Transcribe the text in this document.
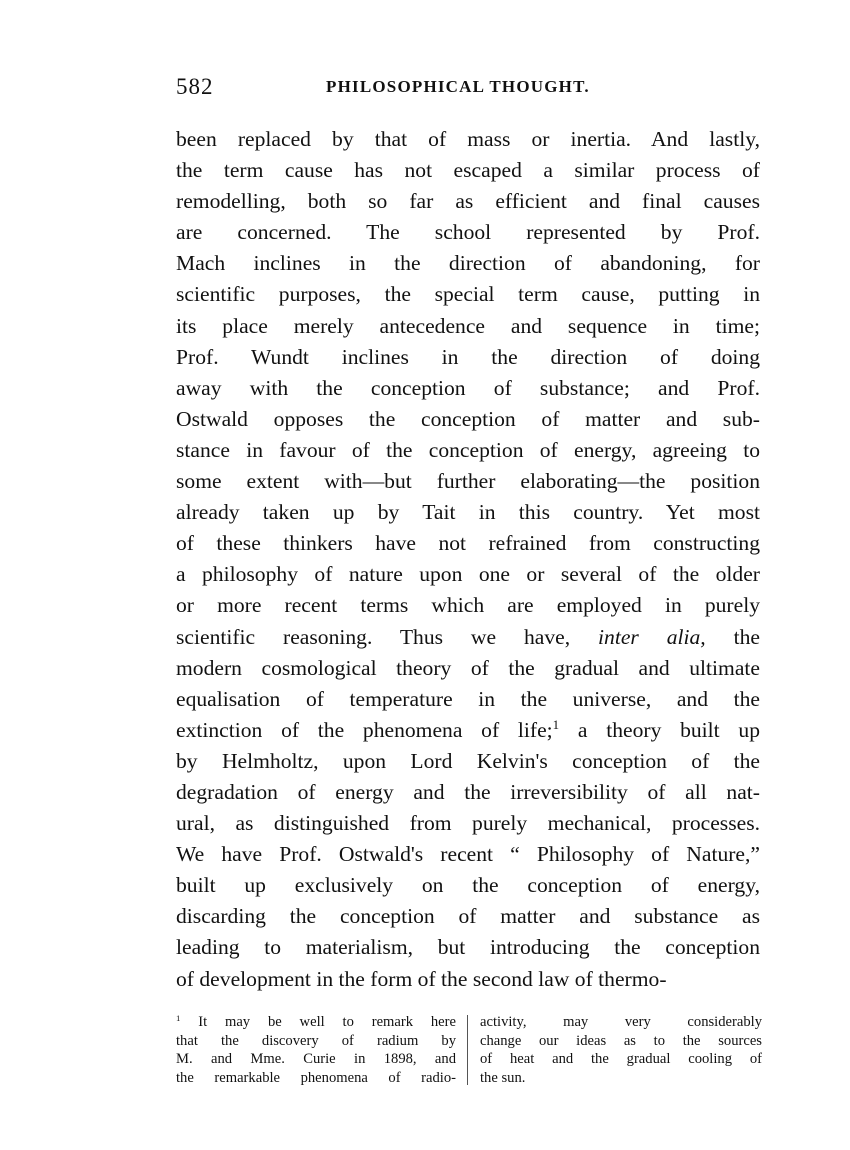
582	PHILOSOPHICAL THOUGHT.
been replaced by that of mass or inertia. And lastly,
the term cause has not escaped a similar process of
remodelling, both so far as efficient and final causes
are concerned. The school represented by Prof.
Mach inclines in the direction of abandoning, for
scientific purposes, the special term cause, putting in
its place merely antecedence and sequence in time;
Prof. Wundt inclines in the direction of doing
away with the conception of substance; and Prof.
Ostwald opposes the conception of matter and sub-
stance in favour of the conception of energy, agreeing to
some extent with—but further elaborating—the position
already taken up by Tait in this country. Yet most
of these thinkers have not refrained from constructing
a philosophy of nature upon one or several of the older
or more recent terms which are employed in purely
scientific reasoning. Thus we have, inter alia, the
modern cosmological theory of the gradual and ultimate
equalisation of temperature in the universe, and the
extinction of the phenomena of life;$^1$ a theory built up
by Helmholtz, upon Lord Kelvin's conception of the
degradation of energy and the irreversibility of all nat-
ural, as distinguished from purely mechanical, processes.
We have Prof. Ostwald's recent “ Philosophy of Nature,”
built up exclusively on the conception of energy,
discarding the conception of matter and substance as
leading to materialism, but introducing the conception
of development in the form of the second law of thermo-
$^1$ It may be well to remark here
that the discovery of radium by
M. and Mme. Curie in 1898, and
the remarkable phenomena of radio-
activity, may very considerably
change our ideas as to the sources
of heat and the gradual cooling of
the sun.
